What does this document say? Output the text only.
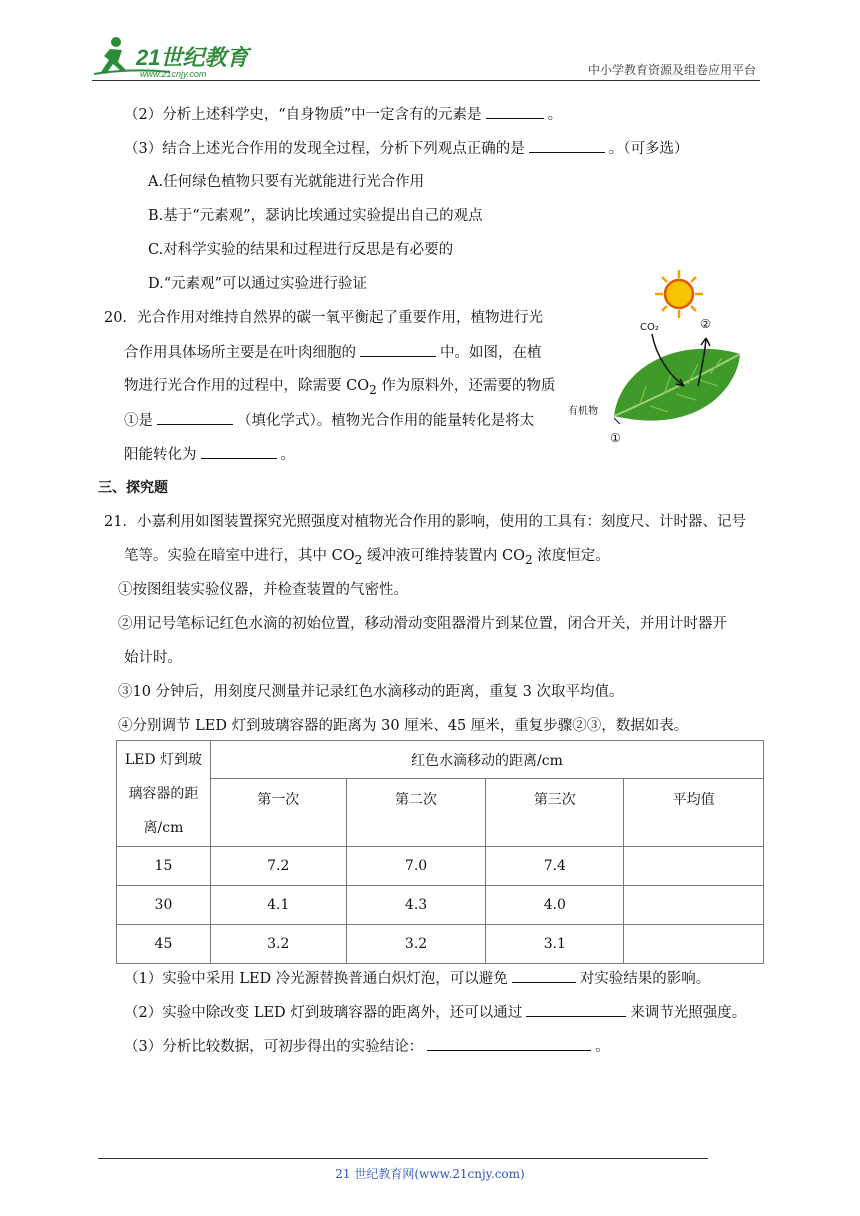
21世纪教育
www.21cnjy.com	中小学教育资源及组卷应用平台
（2）分析上述科学史，“自身物质”中一定含有的元素是	。
（3）结合上述光合作用的发现全过程，分析下列观点正确的是	。（可多选）
A.任何绿色植物只要有光就能进行光合作用
B.基于“元素观”，瑟讷比埃通过实验提出自己的观点
C.对科学实验的结果和过程进行反思是有必要的
D.“元素观”可以通过实验进行验证
20．光合作用对维持自然界的碳一氧平衡起了重要作用，植物进行光
合作用具体场所主要是在叶肉细胞的	中。如图，在植
物进行光合作用的过程中，除需要 $CO_2$ 作为原料外，还需要的物质
①是	（填化学式）。植物光合作用的能量转化是将太
阳能转化为	。
CO₂	②
有机物
①
三、探究题
21．小嘉利用如图装置探究光照强度对植物光合作用的影响，使用的工具有：刻度尺、计时器、记号
笔等。实验在暗室中进行，其中 $CO_2$ 缓冲液可维持装置内 $CO_2$ 浓度恒定。
①按图组装实验仪器，并检查装置的气密性。
②用记号笔标记红色水滴的初始位置，移动滑动变阻器滑片到某位置，闭合开关，并用计时器开
始计时。
③10 分钟后，用刻度尺测量并记录红色水滴移动的距离，重复 3 次取平均值。
④分别调节 LED 灯到玻璃容器的距离为 30 厘米、45 厘米，重复步骤②③，数据如表。
LED 灯到玻
璃容器的距
离/cm	红色水滴移动的距离/cm			
	第一次	第二次	第三次	平均值
15	7.2	7.0	7.4	
30	4.1	4.3	4.0	
45	3.2	3.2	3.1	
（1）实验中采用 LED 冷光源替换普通白炽灯泡，可以避免	对实验结果的影响。
（2）实验中除改变 LED 灯到玻璃容器的距离外，还可以通过	来调节光照强度。
（3）分析比较数据，可初步得出的实验结论：	。
21 世纪教育网(www.21cnjy.com)
